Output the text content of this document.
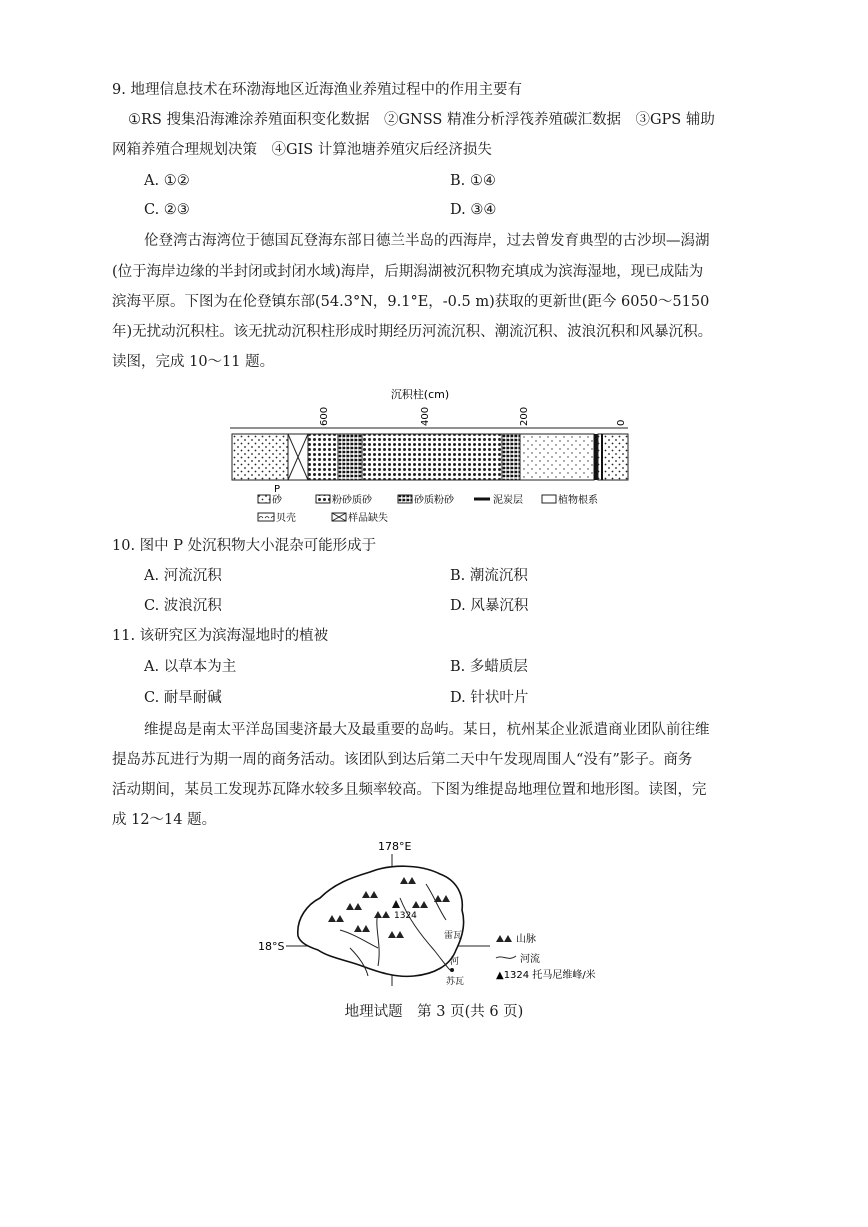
9. 地理信息技术在环渤海地区近海渔业养殖过程中的作用主要有
①RS 搜集沿海滩涂养殖面积变化数据　②GNSS 精准分析浮筏养殖碳汇数据　③GPS 辅助
网箱养殖合理规划决策　④GIS 计算池塘养殖灾后经济损失
A. ①②	B. ①④
C. ②③	D. ③④
伦登湾古海湾位于德国瓦登海东部日德兰半岛的西海岸，过去曾发育典型的古沙坝—潟湖
(位于海岸边缘的半封闭或封闭水域)海岸，后期潟湖被沉积物充填成为滨海湿地，现已成陆为
滨海平原。下图为在伦登镇东部(54.3°N，9.1°E，-0.5 m)获取的更新世(距今 6050～5150
年)无扰动沉积柱。该无扰动沉积柱形成时期经历河流沉积、潮流沉积、波浪沉积和风暴沉积。
读图，完成 10～11 题。
沉积柱(cm)
600	400	200	0
P
砂	粉砂质砂	砂质粉砂	泥炭层	植物根系
贝壳	样品缺失
10. 图中 P 处沉积物大小混杂可能形成于
A. 河流沉积	B. 潮流沉积
C. 波浪沉积	D. 风暴沉积
11. 该研究区为滨海湿地时的植被
A. 以草本为主	B. 多蜡质层
C. 耐旱耐碱	D. 针状叶片
维提岛是南太平洋岛国斐济最大及最重要的岛屿。某日，杭州某企业派遣商业团队前往维
提岛苏瓦进行为期一周的商务活动。该团队到达后第二天中午发现周围人“没有”影子。商务
活动期间，某员工发现苏瓦降水较多且频率较高。下图为维提岛地理位置和地形图。读图，完
成 12～14 题。
178°E
18°S
1324
雷瓦
河
苏瓦
山脉
河流
▲1324 托马尼维峰/米
地理试题　第 3 页(共 6 页)
